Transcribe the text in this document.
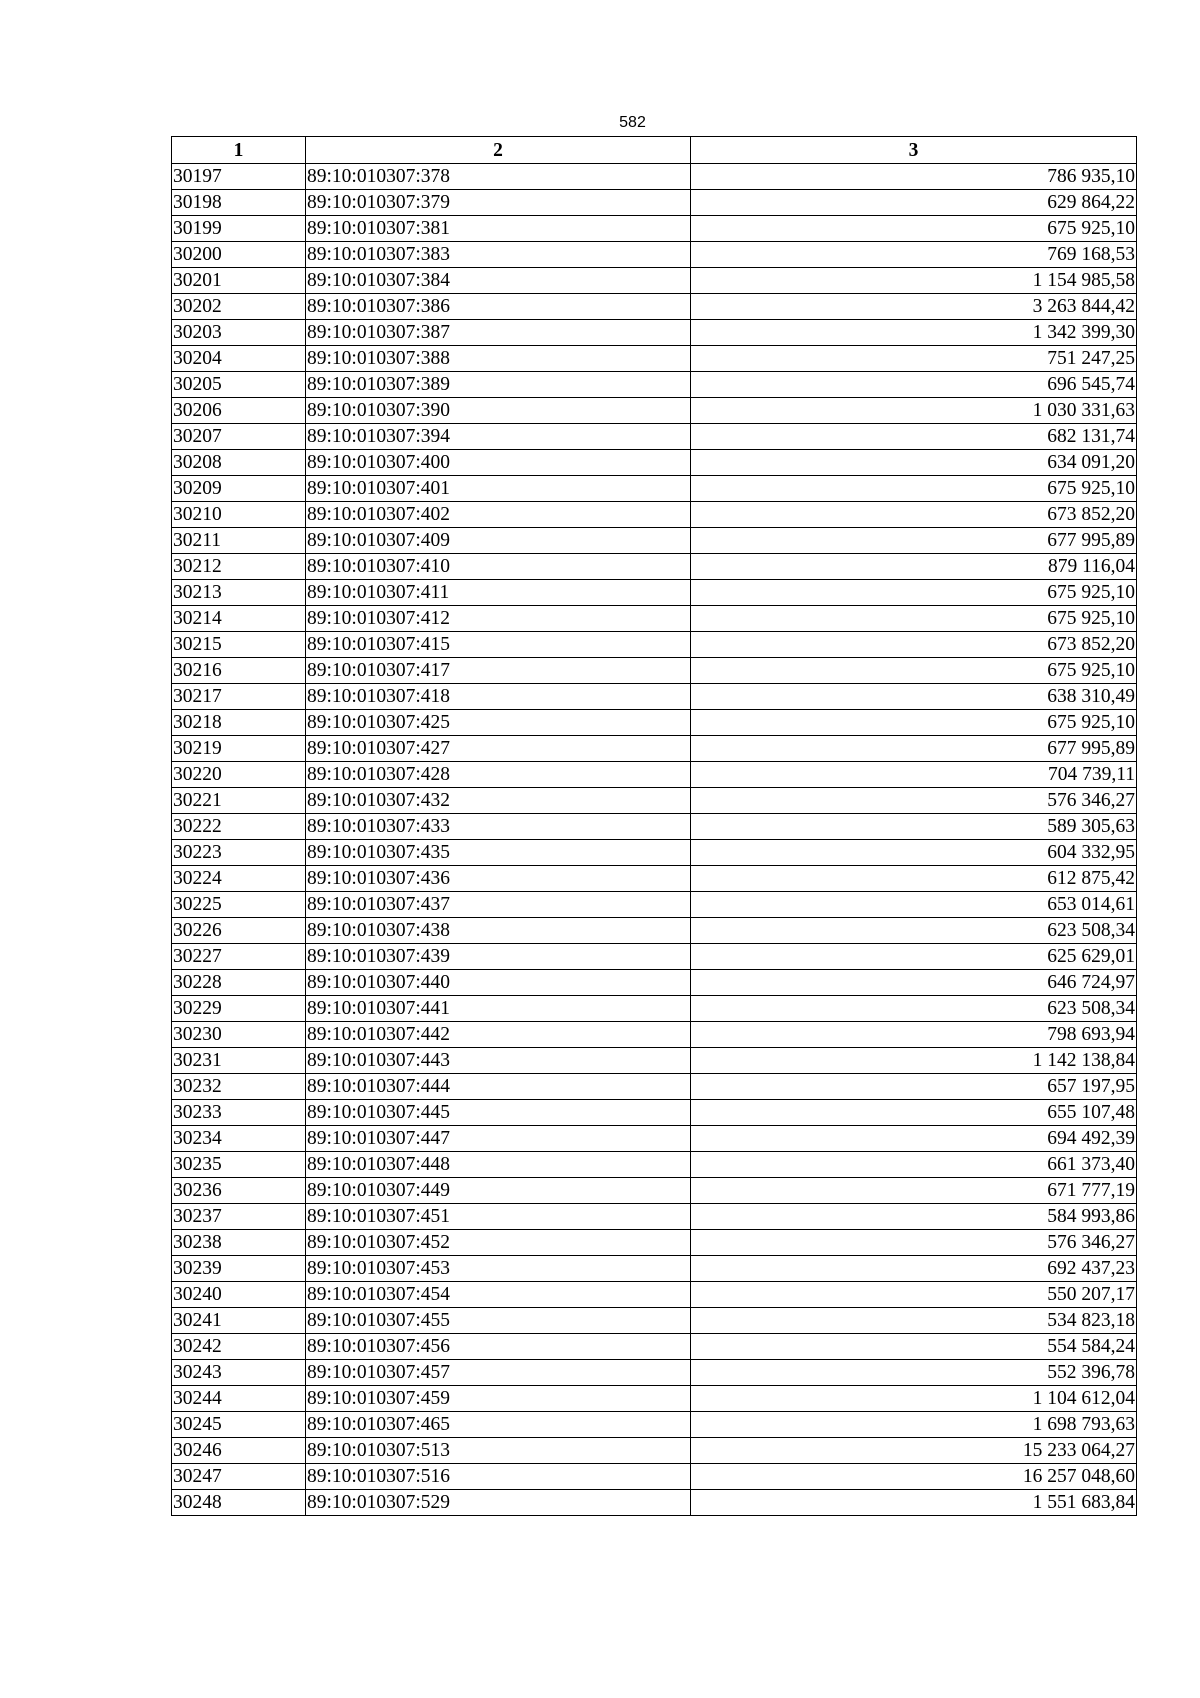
582
1	2	3
30197	89:10:010307:378	786 935,10
30198	89:10:010307:379	629 864,22
30199	89:10:010307:381	675 925,10
30200	89:10:010307:383	769 168,53
30201	89:10:010307:384	1 154 985,58
30202	89:10:010307:386	3 263 844,42
30203	89:10:010307:387	1 342 399,30
30204	89:10:010307:388	751 247,25
30205	89:10:010307:389	696 545,74
30206	89:10:010307:390	1 030 331,63
30207	89:10:010307:394	682 131,74
30208	89:10:010307:400	634 091,20
30209	89:10:010307:401	675 925,10
30210	89:10:010307:402	673 852,20
30211	89:10:010307:409	677 995,89
30212	89:10:010307:410	879 116,04
30213	89:10:010307:411	675 925,10
30214	89:10:010307:412	675 925,10
30215	89:10:010307:415	673 852,20
30216	89:10:010307:417	675 925,10
30217	89:10:010307:418	638 310,49
30218	89:10:010307:425	675 925,10
30219	89:10:010307:427	677 995,89
30220	89:10:010307:428	704 739,11
30221	89:10:010307:432	576 346,27
30222	89:10:010307:433	589 305,63
30223	89:10:010307:435	604 332,95
30224	89:10:010307:436	612 875,42
30225	89:10:010307:437	653 014,61
30226	89:10:010307:438	623 508,34
30227	89:10:010307:439	625 629,01
30228	89:10:010307:440	646 724,97
30229	89:10:010307:441	623 508,34
30230	89:10:010307:442	798 693,94
30231	89:10:010307:443	1 142 138,84
30232	89:10:010307:444	657 197,95
30233	89:10:010307:445	655 107,48
30234	89:10:010307:447	694 492,39
30235	89:10:010307:448	661 373,40
30236	89:10:010307:449	671 777,19
30237	89:10:010307:451	584 993,86
30238	89:10:010307:452	576 346,27
30239	89:10:010307:453	692 437,23
30240	89:10:010307:454	550 207,17
30241	89:10:010307:455	534 823,18
30242	89:10:010307:456	554 584,24
30243	89:10:010307:457	552 396,78
30244	89:10:010307:459	1 104 612,04
30245	89:10:010307:465	1 698 793,63
30246	89:10:010307:513	15 233 064,27
30247	89:10:010307:516	16 257 048,60
30248	89:10:010307:529	1 551 683,84
